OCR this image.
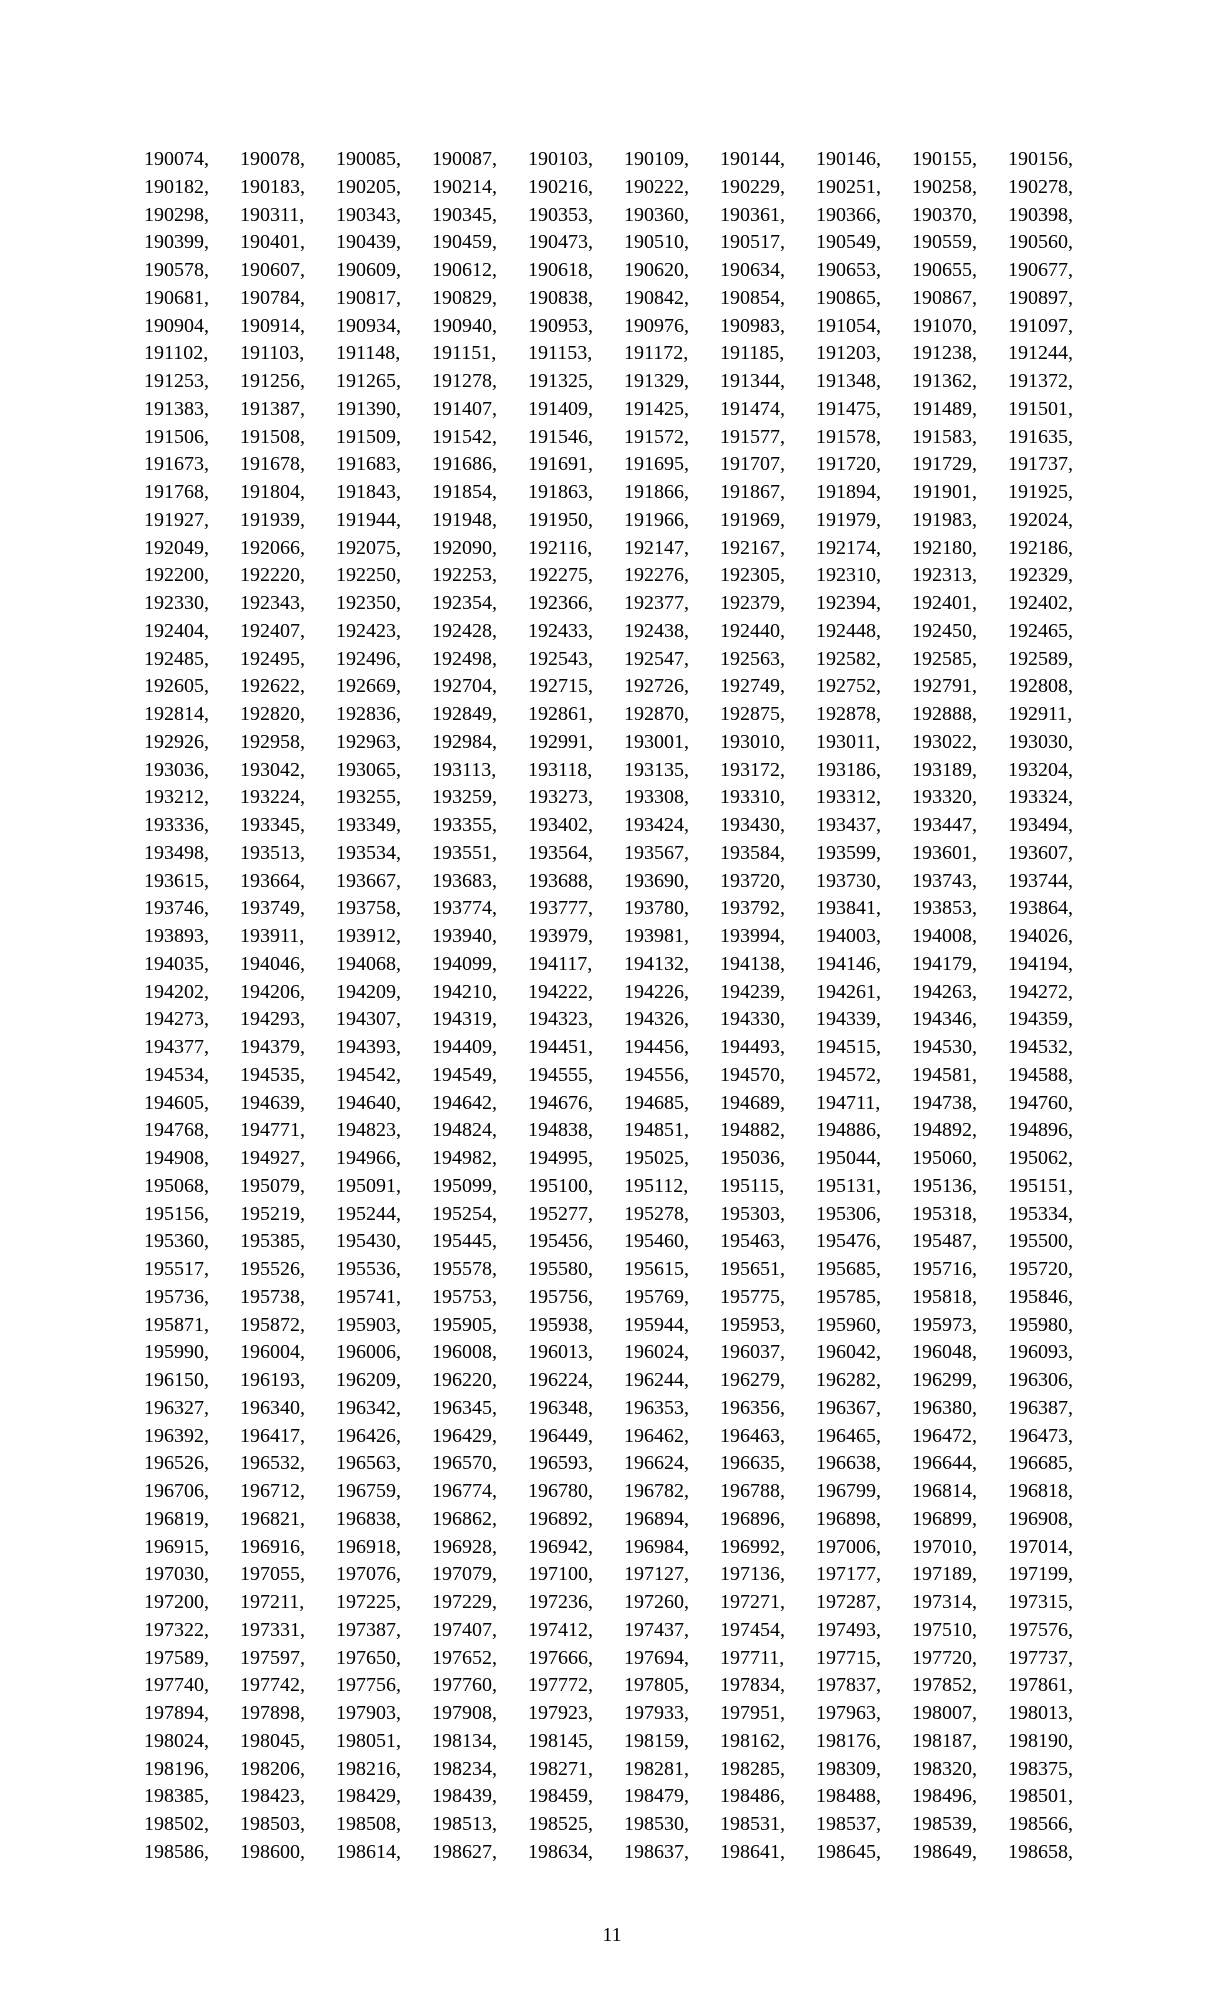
190074,	190078,	190085,	190087,	190103,	190109,	190144,	190146,	190155,	190156,
190182,	190183,	190205,	190214,	190216,	190222,	190229,	190251,	190258,	190278,
190298,	190311,	190343,	190345,	190353,	190360,	190361,	190366,	190370,	190398,
190399,	190401,	190439,	190459,	190473,	190510,	190517,	190549,	190559,	190560,
190578,	190607,	190609,	190612,	190618,	190620,	190634,	190653,	190655,	190677,
190681,	190784,	190817,	190829,	190838,	190842,	190854,	190865,	190867,	190897,
190904,	190914,	190934,	190940,	190953,	190976,	190983,	191054,	191070,	191097,
191102,	191103,	191148,	191151,	191153,	191172,	191185,	191203,	191238,	191244,
191253,	191256,	191265,	191278,	191325,	191329,	191344,	191348,	191362,	191372,
191383,	191387,	191390,	191407,	191409,	191425,	191474,	191475,	191489,	191501,
191506,	191508,	191509,	191542,	191546,	191572,	191577,	191578,	191583,	191635,
191673,	191678,	191683,	191686,	191691,	191695,	191707,	191720,	191729,	191737,
191768,	191804,	191843,	191854,	191863,	191866,	191867,	191894,	191901,	191925,
191927,	191939,	191944,	191948,	191950,	191966,	191969,	191979,	191983,	192024,
192049,	192066,	192075,	192090,	192116,	192147,	192167,	192174,	192180,	192186,
192200,	192220,	192250,	192253,	192275,	192276,	192305,	192310,	192313,	192329,
192330,	192343,	192350,	192354,	192366,	192377,	192379,	192394,	192401,	192402,
192404,	192407,	192423,	192428,	192433,	192438,	192440,	192448,	192450,	192465,
192485,	192495,	192496,	192498,	192543,	192547,	192563,	192582,	192585,	192589,
192605,	192622,	192669,	192704,	192715,	192726,	192749,	192752,	192791,	192808,
192814,	192820,	192836,	192849,	192861,	192870,	192875,	192878,	192888,	192911,
192926,	192958,	192963,	192984,	192991,	193001,	193010,	193011,	193022,	193030,
193036,	193042,	193065,	193113,	193118,	193135,	193172,	193186,	193189,	193204,
193212,	193224,	193255,	193259,	193273,	193308,	193310,	193312,	193320,	193324,
193336,	193345,	193349,	193355,	193402,	193424,	193430,	193437,	193447,	193494,
193498,	193513,	193534,	193551,	193564,	193567,	193584,	193599,	193601,	193607,
193615,	193664,	193667,	193683,	193688,	193690,	193720,	193730,	193743,	193744,
193746,	193749,	193758,	193774,	193777,	193780,	193792,	193841,	193853,	193864,
193893,	193911,	193912,	193940,	193979,	193981,	193994,	194003,	194008,	194026,
194035,	194046,	194068,	194099,	194117,	194132,	194138,	194146,	194179,	194194,
194202,	194206,	194209,	194210,	194222,	194226,	194239,	194261,	194263,	194272,
194273,	194293,	194307,	194319,	194323,	194326,	194330,	194339,	194346,	194359,
194377,	194379,	194393,	194409,	194451,	194456,	194493,	194515,	194530,	194532,
194534,	194535,	194542,	194549,	194555,	194556,	194570,	194572,	194581,	194588,
194605,	194639,	194640,	194642,	194676,	194685,	194689,	194711,	194738,	194760,
194768,	194771,	194823,	194824,	194838,	194851,	194882,	194886,	194892,	194896,
194908,	194927,	194966,	194982,	194995,	195025,	195036,	195044,	195060,	195062,
195068,	195079,	195091,	195099,	195100,	195112,	195115,	195131,	195136,	195151,
195156,	195219,	195244,	195254,	195277,	195278,	195303,	195306,	195318,	195334,
195360,	195385,	195430,	195445,	195456,	195460,	195463,	195476,	195487,	195500,
195517,	195526,	195536,	195578,	195580,	195615,	195651,	195685,	195716,	195720,
195736,	195738,	195741,	195753,	195756,	195769,	195775,	195785,	195818,	195846,
195871,	195872,	195903,	195905,	195938,	195944,	195953,	195960,	195973,	195980,
195990,	196004,	196006,	196008,	196013,	196024,	196037,	196042,	196048,	196093,
196150,	196193,	196209,	196220,	196224,	196244,	196279,	196282,	196299,	196306,
196327,	196340,	196342,	196345,	196348,	196353,	196356,	196367,	196380,	196387,
196392,	196417,	196426,	196429,	196449,	196462,	196463,	196465,	196472,	196473,
196526,	196532,	196563,	196570,	196593,	196624,	196635,	196638,	196644,	196685,
196706,	196712,	196759,	196774,	196780,	196782,	196788,	196799,	196814,	196818,
196819,	196821,	196838,	196862,	196892,	196894,	196896,	196898,	196899,	196908,
196915,	196916,	196918,	196928,	196942,	196984,	196992,	197006,	197010,	197014,
197030,	197055,	197076,	197079,	197100,	197127,	197136,	197177,	197189,	197199,
197200,	197211,	197225,	197229,	197236,	197260,	197271,	197287,	197314,	197315,
197322,	197331,	197387,	197407,	197412,	197437,	197454,	197493,	197510,	197576,
197589,	197597,	197650,	197652,	197666,	197694,	197711,	197715,	197720,	197737,
197740,	197742,	197756,	197760,	197772,	197805,	197834,	197837,	197852,	197861,
197894,	197898,	197903,	197908,	197923,	197933,	197951,	197963,	198007,	198013,
198024,	198045,	198051,	198134,	198145,	198159,	198162,	198176,	198187,	198190,
198196,	198206,	198216,	198234,	198271,	198281,	198285,	198309,	198320,	198375,
198385,	198423,	198429,	198439,	198459,	198479,	198486,	198488,	198496,	198501,
198502,	198503,	198508,	198513,	198525,	198530,	198531,	198537,	198539,	198566,
198586,	198600,	198614,	198627,	198634,	198637,	198641,	198645,	198649,	198658,
11
